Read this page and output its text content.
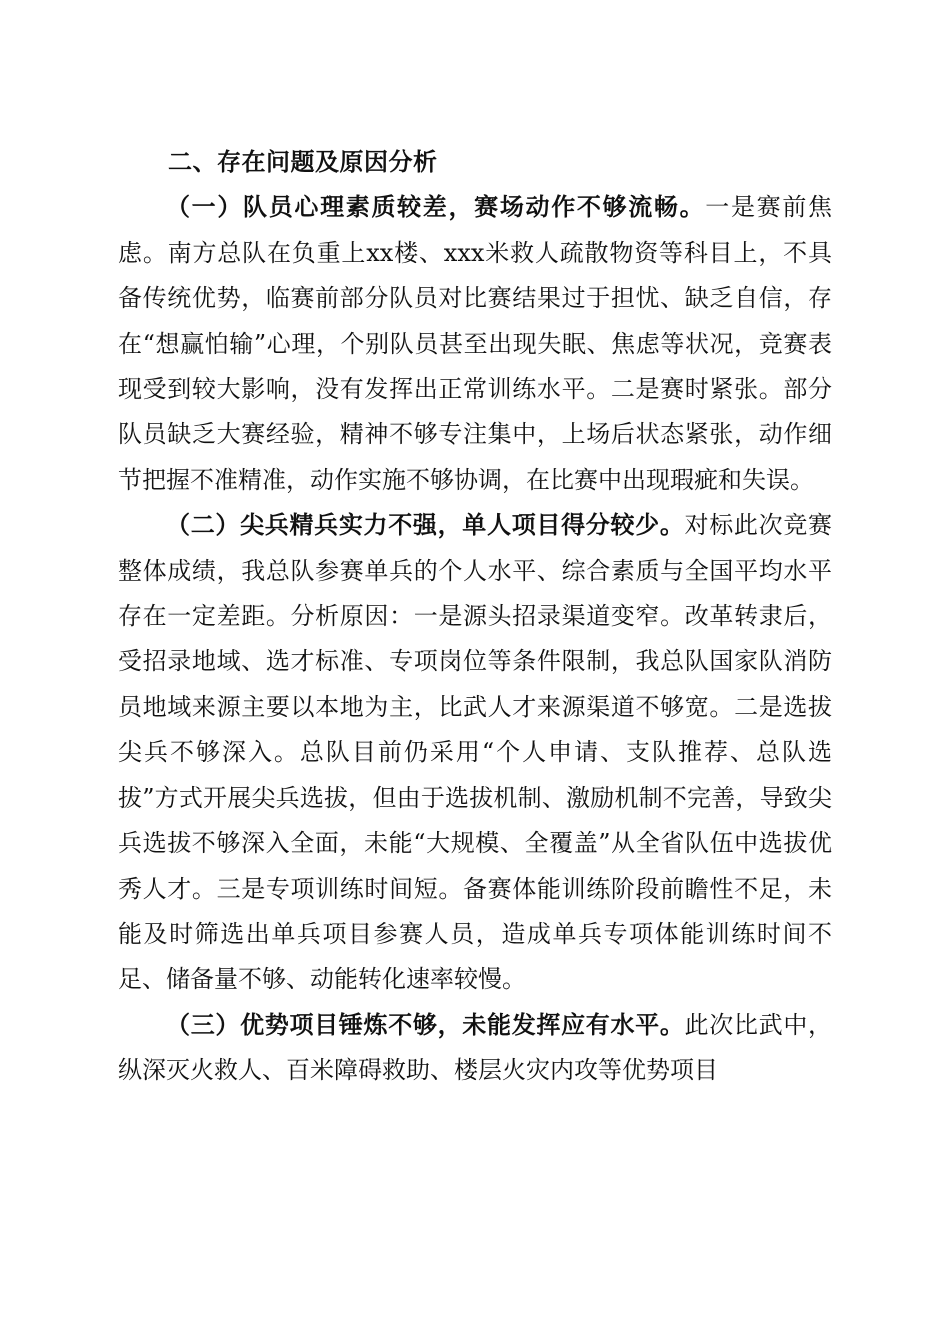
二、存在问题及原因分析

（一）队员心理素质较差，赛场动作不够流畅。一是赛前焦虑。南方总队在负重上xx楼、xxx米救人疏散物资等科目上，不具备传统优势，临赛前部分队员对比赛结果过于担忧、缺乏自信，存在“想赢怕输”心理，个别队员甚至出现失眠、焦虑等状况，竞赛表现受到较大影响，没有发挥出正常训练水平。二是赛时紧张。部分队员缺乏大赛经验，精神不够专注集中，上场后状态紧张，动作细节把握不准精准，动作实施不够协调，在比赛中出现瑕疵和失误。

（二）尖兵精兵实力不强，单人项目得分较少。对标此次竞赛整体成绩，我总队参赛单兵的个人水平、综合素质与全国平均水平存在一定差距。分析原因：一是源头招录渠道变窄。改革转隶后，受招录地域、选才标准、专项岗位等条件限制，我总队国家队消防员地域来源主要以本地为主，比武人才来源渠道不够宽。二是选拔尖兵不够深入。总队目前仍采用“个人申请、支队推荐、总队选拔”方式开展尖兵选拔，但由于选拔机制、激励机制不完善，导致尖兵选拔不够深入全面，未能“大规模、全覆盖”从全省队伍中选拔优秀人才。三是专项训练时间短。备赛体能训练阶段前瞻性不足，未能及时筛选出单兵项目参赛人员，造成单兵专项体能训练时间不足、储备量不够、动能转化速率较慢。

（三）优势项目锤炼不够，未能发挥应有水平。此次比武中，纵深灭火救人、百米障碍救助、楼层火灾内攻等优势项目
